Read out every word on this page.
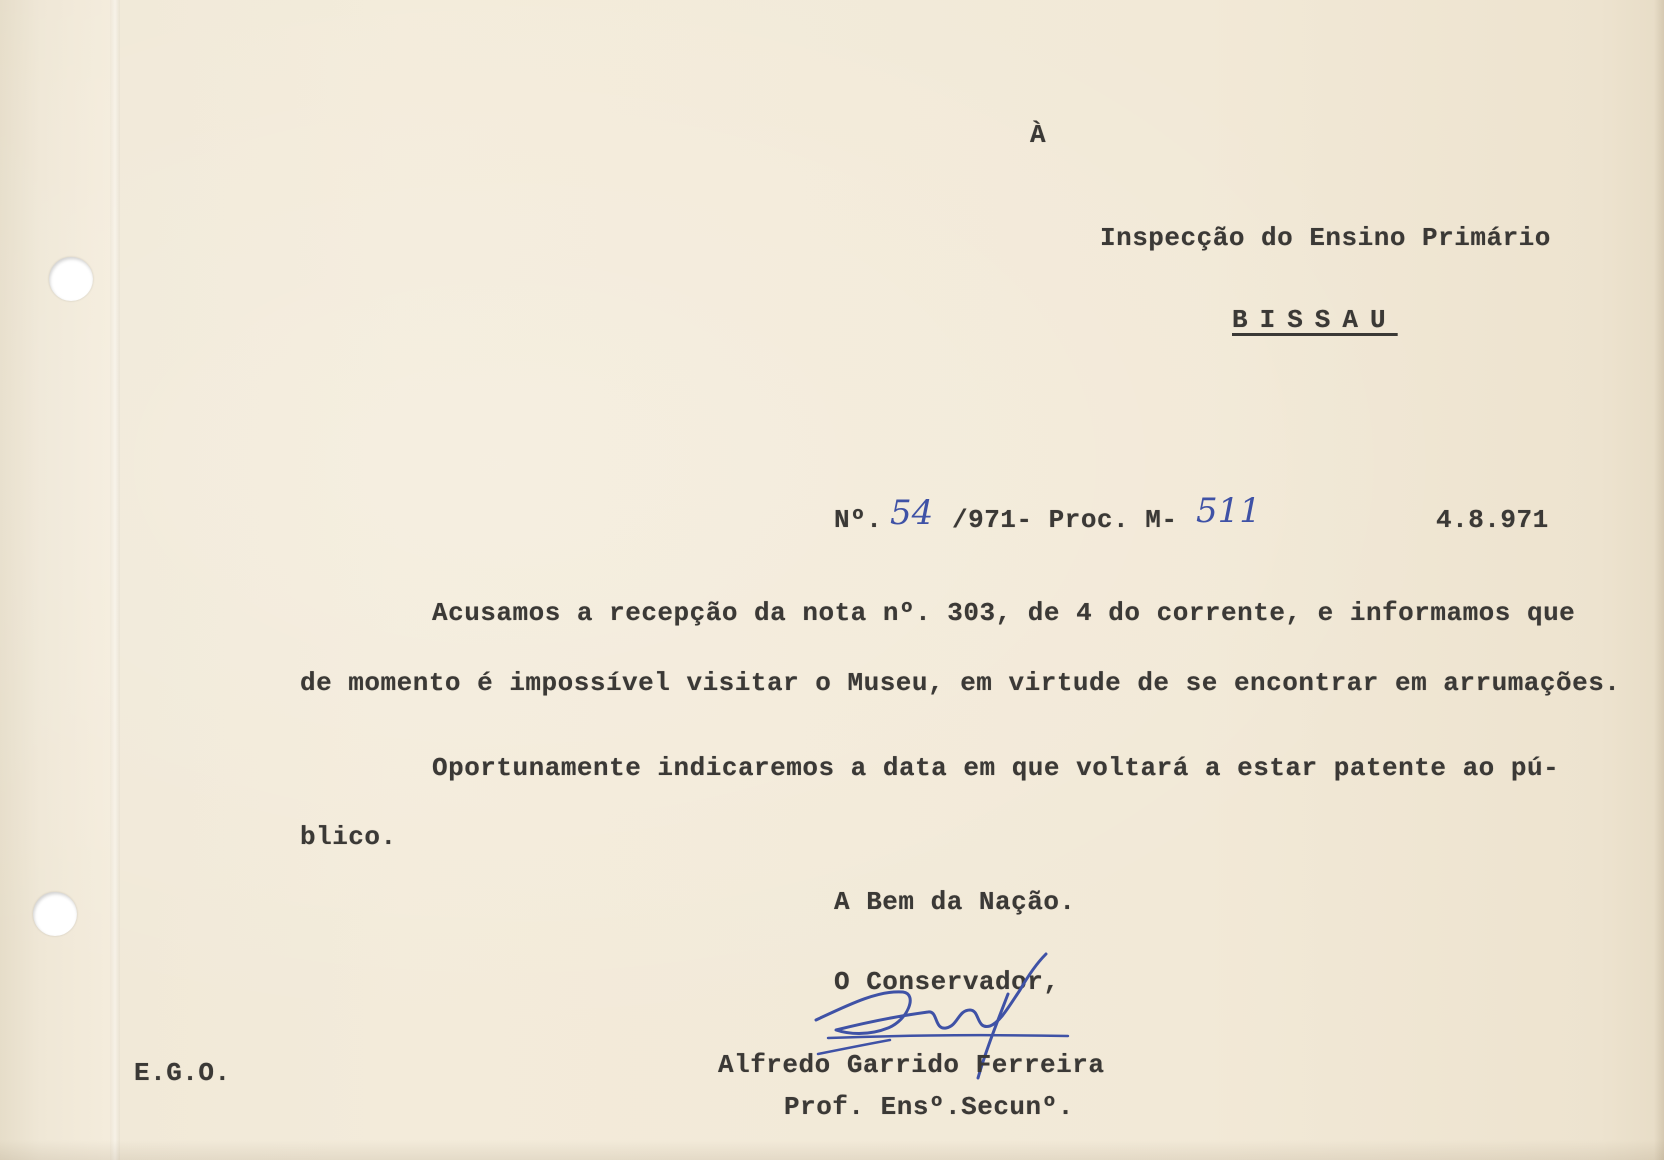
À
Inspecção do Ensino Primário
BISSAU
Nº. 54 /971- Proc. M- 511	4.8.971
Acusamos a recepção da nota nº. 303, de 4 do corrente, e informamos que
de momento é impossível visitar o Museu, em virtude de se encontrar em arrumações.
Oportunamente indicaremos a data em que voltará a estar patente ao pú-
blico.
A Bem da Nação.
O Conservador,
Alfredo Garrido Ferreira
Prof. Ensº.Secunº.
E.G.O.
